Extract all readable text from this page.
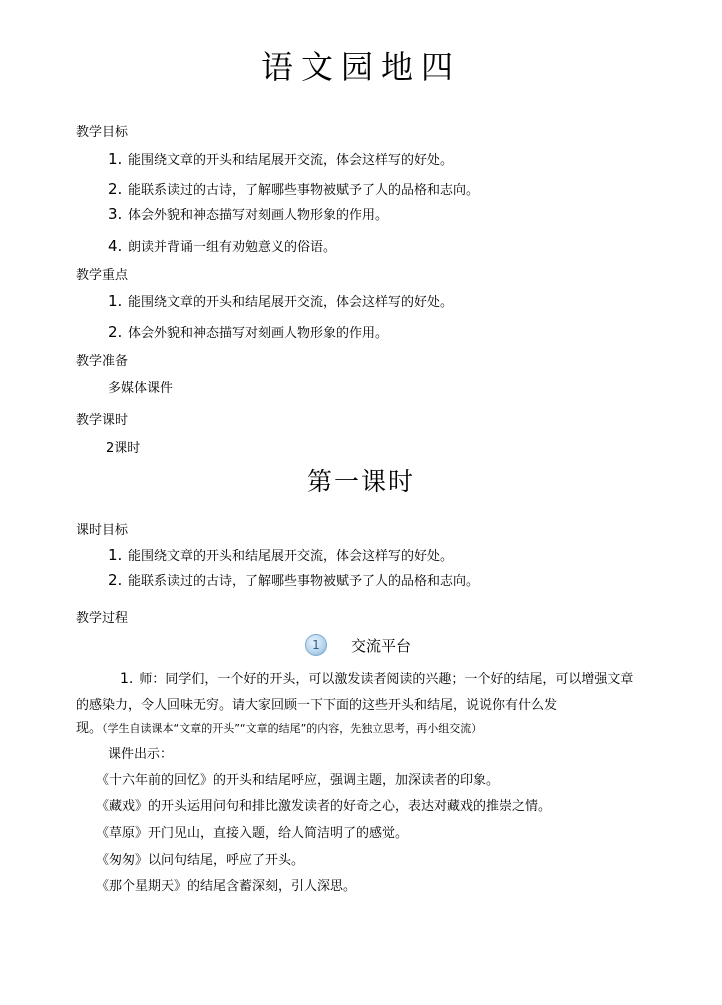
语文园地四
教学目标
1. 能围绕文章的开头和结尾展开交流，体会这样写的好处。
2. 能联系读过的古诗，了解哪些事物被赋予了人的品格和志向。
3. 体会外貌和神态描写对刻画人物形象的作用。
4. 朗读并背诵一组有劝勉意义的俗语。
教学重点
1. 能围绕文章的开头和结尾展开交流，体会这样写的好处。
2. 体会外貌和神态描写对刻画人物形象的作用。
教学准备
多媒体课件
教学课时
2课时
第一课时
课时目标
1. 能围绕文章的开头和结尾展开交流，体会这样写的好处。
2. 能联系读过的古诗，了解哪些事物被赋予了人的品格和志向。
教学过程
1	交流平台
1. 师：同学们，一个好的开头，可以激发读者阅读的兴趣；一个好的结尾，可以增强文章
的感染力，令人回味无穷。请大家回顾一下下面的这些开头和结尾，说说你有什么发
现。（学生自读课本“文章的开头”“文章的结尾”的内容，先独立思考，再小组交流）
课件出示：
《十六年前的回忆》的开头和结尾呼应，强调主题，加深读者的印象。
《藏戏》的开头运用问句和排比激发读者的好奇之心，表达对藏戏的推崇之情。
《草原》开门见山，直接入题，给人简洁明了的感觉。
《匆匆》以问句结尾，呼应了开头。
《那个星期天》的结尾含蓄深刻，引人深思。
